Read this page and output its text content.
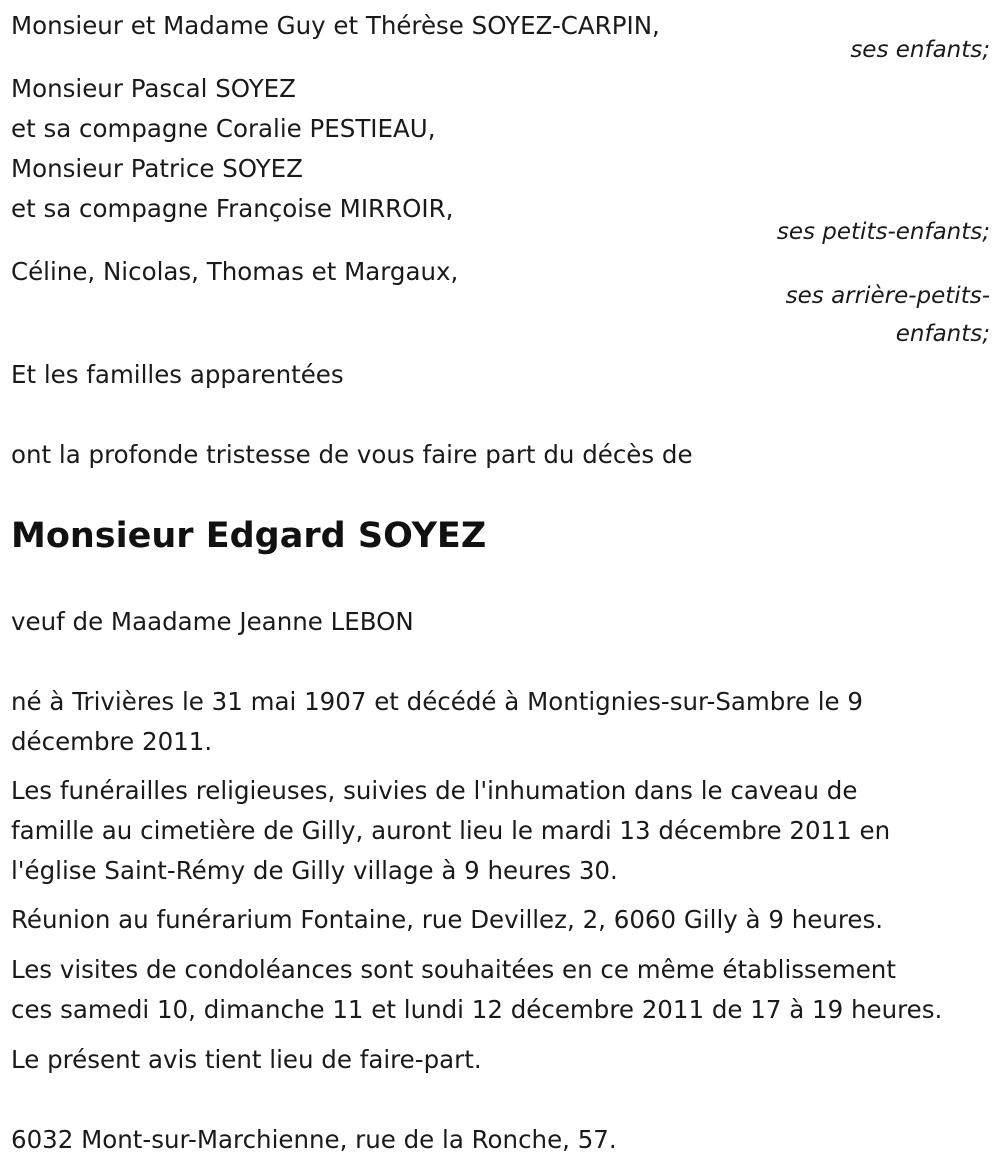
Monsieur et Madame Guy et Thérèse SOYEZ-CARPIN,

ses enfants;

Monsieur Pascal SOYEZ

et sa compagne Coralie PESTIEAU,

Monsieur Patrice SOYEZ

et sa compagne Françoise MIRROIR,

ses petits-enfants;

Céline, Nicolas, Thomas et Margaux,

ses arrière-petits-

enfants;

Et les familles apparentées

ont la profonde tristesse de vous faire part du décès de

Monsieur Edgard SOYEZ

veuf de Maadame Jeanne LEBON

né à Trivières le 31 mai 1907 et décédé à Montignies-sur-Sambre le 9

décembre 2011.

Les funérailles religieuses, suivies de l'inhumation dans le caveau de

famille au cimetière de Gilly, auront lieu le mardi 13 décembre 2011 en

l'église Saint-Rémy de Gilly village à 9 heures 30.

Réunion au funérarium Fontaine, rue Devillez, 2, 6060 Gilly à 9 heures.

Les visites de condoléances sont souhaitées en ce même établissement

ces samedi 10, dimanche 11 et lundi 12 décembre 2011 de 17 à 19 heures.

Le présent avis tient lieu de faire-part.

6032 Mont-sur-Marchienne, rue de la Ronche, 57.
